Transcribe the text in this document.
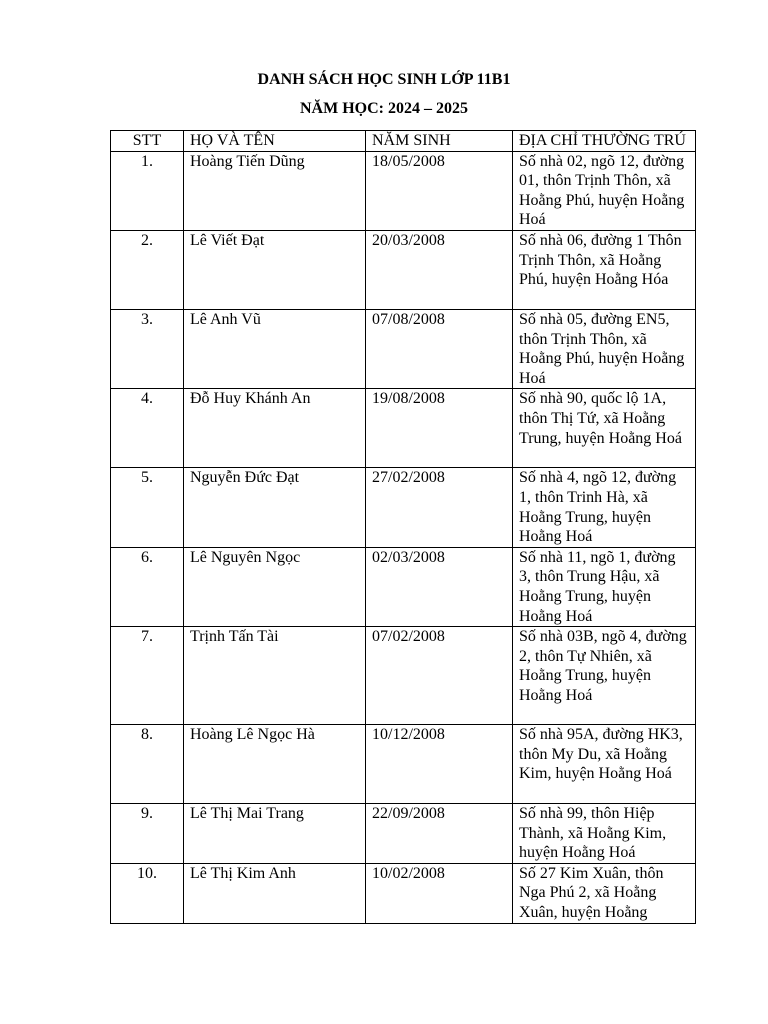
DANH SÁCH HỌC SINH LỚP 11B1

NĂM HỌC: 2024 – 2025

STT	HỌ VÀ TÊN	NĂM SINH	ĐỊA CHỈ THƯỜNG TRÚ
1.	Hoàng Tiến Dũng	18/05/2008	Số nhà 02, ngõ 12, đường 01, thôn Trịnh Thôn, xã Hoằng Phú, huyện Hoằng Hoá
2.	Lê Viết Đạt	20/03/2008	Số nhà 06, đường 1 Thôn Trịnh Thôn, xã Hoằng Phú, huyện Hoằng Hóa
3.	Lê Anh Vũ	07/08/2008	Số nhà 05, đường EN5, thôn Trịnh Thôn, xã Hoằng Phú, huyện Hoằng Hoá
4.	Đỗ Huy Khánh An	19/08/2008	Số nhà 90, quốc lộ 1A, thôn Thị Tứ, xã Hoằng Trung, huyện Hoằng Hoá
5.	Nguyễn Đức Đạt	27/02/2008	Số nhà 4, ngõ 12, đường 1, thôn Trinh Hà, xã Hoằng Trung, huyện Hoằng Hoá
6.	Lê Nguyên Ngọc	02/03/2008	Số nhà 11, ngõ 1, đường 3, thôn Trung Hậu, xã Hoằng Trung, huyện Hoằng Hoá
7.	Trịnh Tấn Tài	07/02/2008	Số nhà 03B, ngõ 4, đường 2, thôn Tự Nhiên, xã Hoằng Trung, huyện Hoằng Hoá
8.	Hoàng Lê Ngọc Hà	10/12/2008	Số nhà 95A, đường HK3, thôn My Du, xã Hoằng Kim, huyện Hoằng Hoá
9.	Lê Thị Mai Trang	22/09/2008	Số nhà 99, thôn Hiệp Thành, xã Hoằng Kim, huyện Hoằng Hoá
10.	Lê Thị Kim Anh	10/02/2008	Số 27 Kim Xuân, thôn Nga Phú 2, xã Hoằng Xuân, huyện Hoằng
